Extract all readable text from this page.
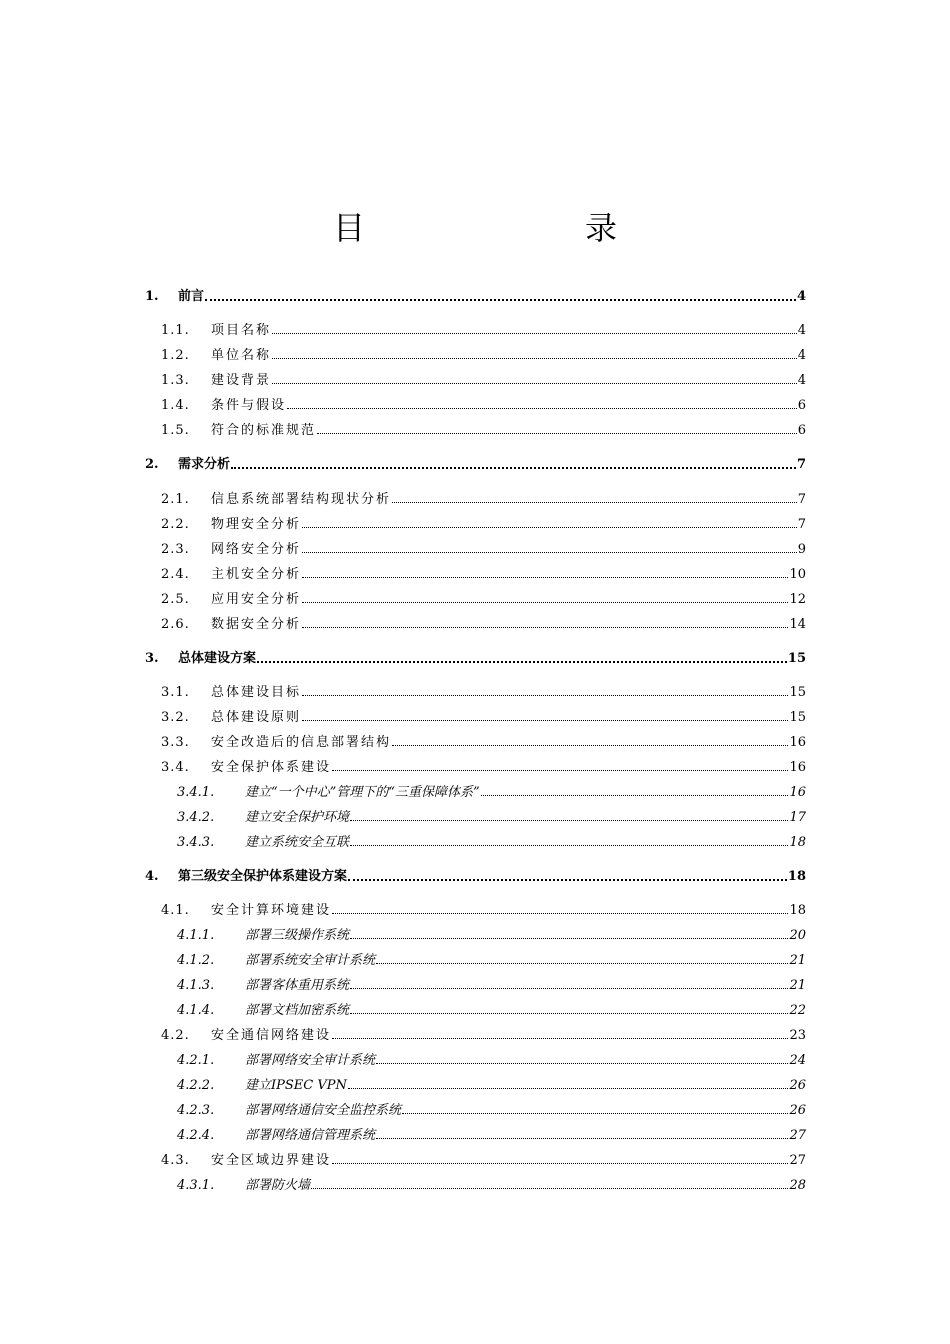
目　　录
1. 前言	4
1.1. 项目名称	4
1.2. 单位名称	4
1.3. 建设背景	4
1.4. 条件与假设	6
1.5. 符合的标准规范	6
2. 需求分析	7
2.1. 信息系统部署结构现状分析	7
2.2. 物理安全分析	7
2.3. 网络安全分析	9
2.4. 主机安全分析	10
2.5. 应用安全分析	12
2.6. 数据安全分析	14
3. 总体建设方案	15
3.1. 总体建设目标	15
3.2. 总体建设原则	15
3.3. 安全改造后的信息部署结构	16
3.4. 安全保护体系建设	16
3.4.1. 建立“一个中心”管理下的“三重保障体系”	16
3.4.2. 建立安全保护环境	17
3.4.3. 建立系统安全互联	18
4. 第三级安全保护体系建设方案	18
4.1. 安全计算环境建设	18
4.1.1. 部署三级操作系统	20
4.1.2. 部署系统安全审计系统	21
4.1.3. 部署客体重用系统	21
4.1.4. 部署文档加密系统	22
4.2. 安全通信网络建设	23
4.2.1. 部署网络安全审计系统	24
4.2.2. 建立IPSEC VPN	26
4.2.3. 部署网络通信安全监控系统	26
4.2.4. 部署网络通信管理系统	27
4.3. 安全区域边界建设	27
4.3.1. 部署防火墙	28
